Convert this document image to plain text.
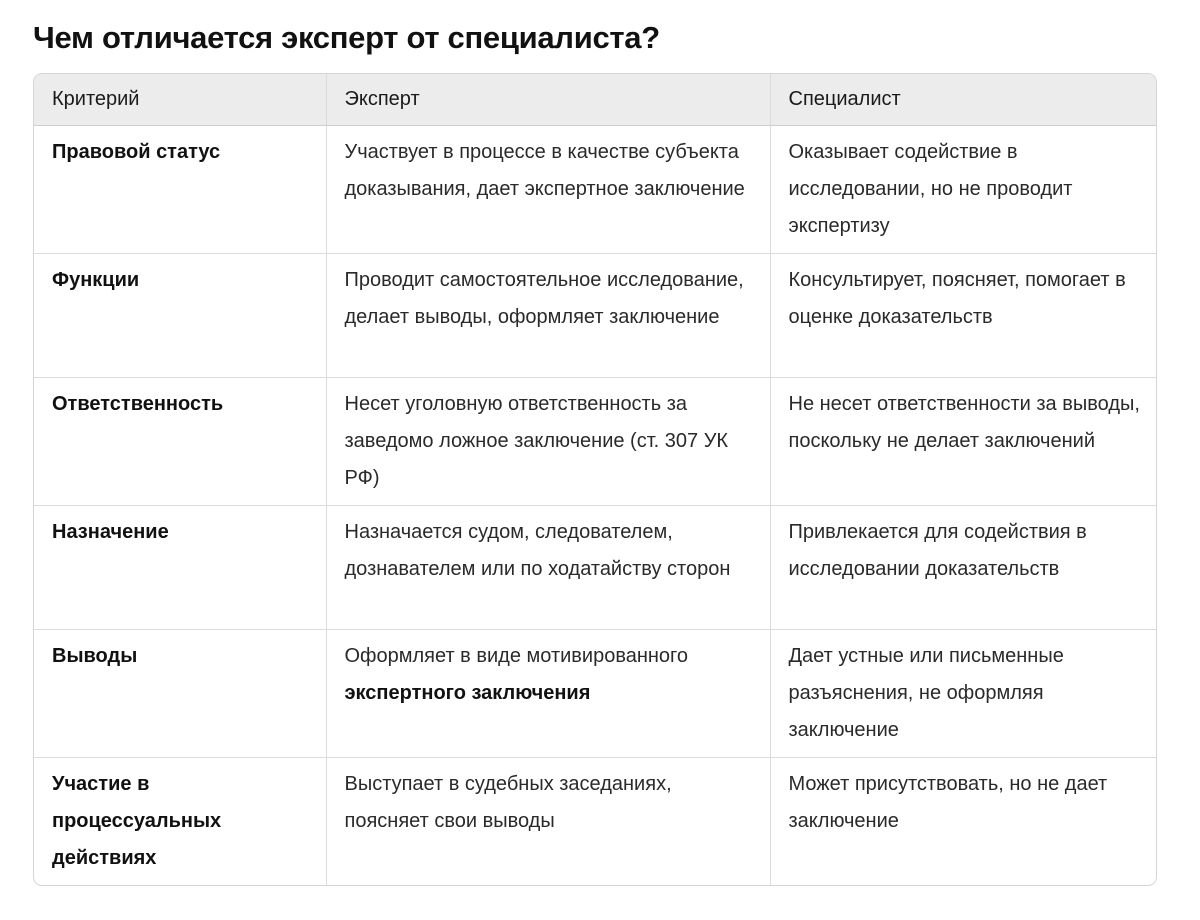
Чем отличается эксперт от специалиста?
Критерий	Эксперт	Специалист
Правовой статус	Участвует в процессе в качестве субъекта доказывания, дает экспертное заключение	Оказывает содействие в исследовании, но не проводит экспертизу
Функции	Проводит самостоятельное исследование, делает выводы, оформляет заключение	Консультирует, поясняет, помогает в оценке доказательств
Ответственность	Несет уголовную ответственность за заведомо ложное заключение (ст. 307 УК РФ)	Не несет ответственности за выводы, поскольку не делает заключений
Назначение	Назначается судом, следователем, дознавателем или по ходатайству сторон	Привлекается для содействия в исследовании доказательств
Выводы	Оформляет в виде мотивированного экспертного заключения	Дает устные или письменные разъяснения, не оформляя заключение
Участие в процессуальных действиях	Выступает в судебных заседаниях, поясняет свои выводы	Может присутствовать, но не дает заключение
